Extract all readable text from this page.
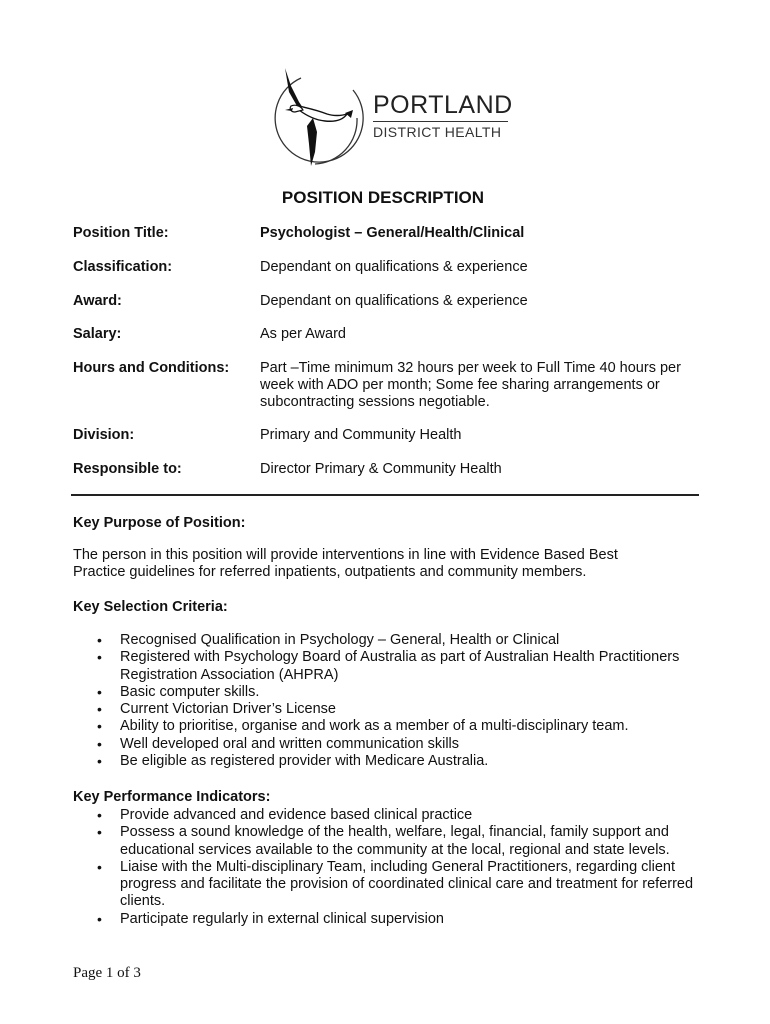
PORTLAND
DISTRICT HEALTH
POSITION DESCRIPTION
Position Title:	Psychologist – General/Health/Clinical
Classification:	Dependant on qualifications & experience
Award:	Dependant on qualifications & experience
Salary:	As per Award
Hours and Conditions: Part –Time minimum 32 hours per week to Full Time 40 hours per week with ADO per month; Some fee sharing arrangements or subcontracting sessions negotiable.
Division:	Primary and Community Health
Responsible to:	Director Primary & Community Health
Key Purpose of Position:
The person in this position will provide interventions in line with Evidence Based Best Practice guidelines for referred inpatients, outpatients and community members.
Key Selection Criteria:
• Recognised Qualification in Psychology – General, Health or Clinical
• Registered with Psychology Board of Australia as part of Australian Health Practitioners Registration Association (AHPRA)
• Basic computer skills.
• Current Victorian Driver’s License
• Ability to prioritise, organise and work as a member of a multi-disciplinary team.
• Well developed oral and written communication skills
• Be eligible as registered provider with Medicare Australia.
Key Performance Indicators:
• Provide advanced and evidence based clinical practice
• Possess a sound knowledge of the health, welfare, legal, financial, family support and educational services available to the community at the local, regional and state levels.
• Liaise with the Multi-disciplinary Team, including General Practitioners, regarding client progress and facilitate the provision of coordinated clinical care and treatment for referred clients.
• Participate regularly in external clinical supervision
Page 1 of 3
